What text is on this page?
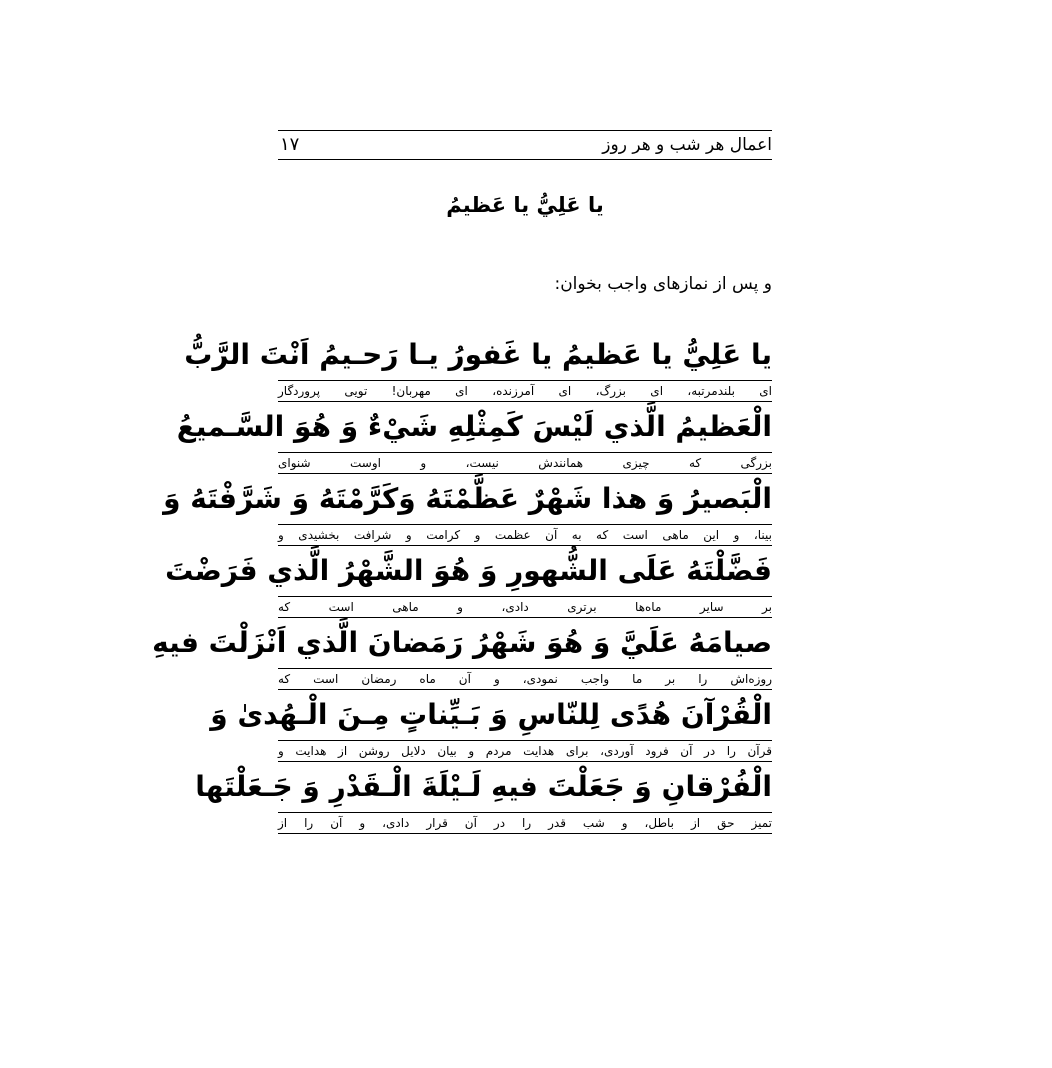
اعمال هر شب و هر روز
۱۷
يا عَلِيُّ يا عَظيمُ
و پس از نمازهای واجب بخوان:
يا عَلِيُّ يا عَظيمُ يا غَفورُ يـا رَحـيمُ اَنْتَ الرَّبُّ
ای بلندمرتبه، ای بزرگ، ای آمرزنده، ای مهربان! تویی پروردگار
الْعَظيمُ الَّذي لَيْسَ كَمِثْلِهِ شَيْءٌ وَ هُوَ السَّـميعُ
بزرگی که چیزی همانندش نیست، و اوست شنوای
الْبَصيرُ وَ هذا شَهْرٌ عَظَّمْتَهُ وَكَرَّمْتَهُ وَ شَرَّفْتَهُ وَ
بینا، و این ماهی است که به آن عظمت و کرامت و شرافت بخشیدی و
فَضَّلْتَهُ عَلَى الشُّهورِ وَ هُوَ الشَّهْرُ الَّذي فَرَضْتَ
بر سایر ماه‌ها برتری دادی، و ماهی است که
صيامَهُ عَلَيَّ وَ هُوَ شَهْرُ رَمَضانَ الَّذي اَنْزَلْتَ فيهِ
روزه‌اش را بر ما واجب نمودی، و آن ماه رمضان است که
الْقُرْآنَ هُدًى لِلنّاسِ وَ بَـيِّناتٍ مِـنَ الْـهُدىٰ وَ
قرآن را در آن فرود آوردی، برای هدایت مردم و بیان دلایل روشن از هدایت و
الْفُرْقانِ وَ جَعَلْتَ فيهِ لَـيْلَةَ الْـقَدْرِ وَ جَـعَلْتَها
تمیز حق از باطل، و شب قدر را در آن قرار دادی، و آن را از
